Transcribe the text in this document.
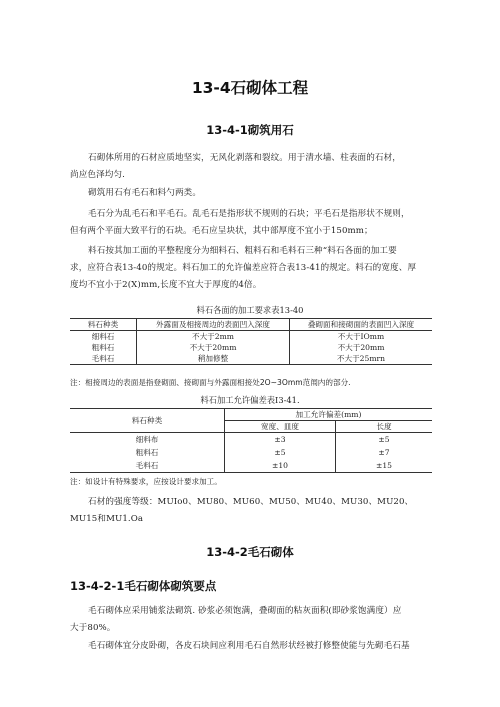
13-4石砌体工程
13-4-1砌筑用石
石砌体所用的石材应质地坚实，无风化剥落和裂纹。用于清水墙、柱表面的石材，
尚应色泽均匀.
砌筑用石有毛石和料勺两类。
毛石分为乱毛石和平毛石。乱毛石是指形状不规则的石块；平毛石是指形状不规则，
但有两个平面大致平行的石块。毛石应呈块状，其中部厚度不宜小于150mm；
料石按其加工面的平整程度分为细料石、粗料石和毛料石三种“料石各面的加工要
求，应符合表13-40的规定。料石加工的允许偏差应符合表13-41的规定。料石的宽度、厚
度均不宜小于2(X)mm,长度不宜大于厚度的4倍。
料石各面的加工要求表13-40
料石种类	外露面及相接周边的表面凹入深度	叠砌面和接砌面的表面凹入深度
细料石	不大于2mm	不大于IOmm
粗料石	不大于20mm	不大于20mm
毛料石	稍加修整	不大于25mrn
注：相接周边的表面是指登砌面、接砌面与外露面相接处2O~3Omm范闱内的部分.
料石加工允许偏差表I3-41.
料石种类	加工允许偏差(mm)	
	宽度、皿度	长度
细料布	±3	±5
粗料石	±5	±7
毛料石	±10	±15
注：如设计有特殊要求，应按设计要求加工。
石材的强度等级：MUIo0、MU80、MU60、MU50、MU40、MU30、MU20、
MU15和MU1.Oa
13-4-2毛石砌体
13-4-2-1毛石砌体砌筑要点
毛石砌体应采用铺浆法砌筑. 砂浆必须饱满，叠砌面的粘灰面积(即砂浆饱满度）应
大于80%。
毛石砌体宜分皮卧砌，各皮石块间应利用毛石自然形状经被打修整使能与先砌毛石基
